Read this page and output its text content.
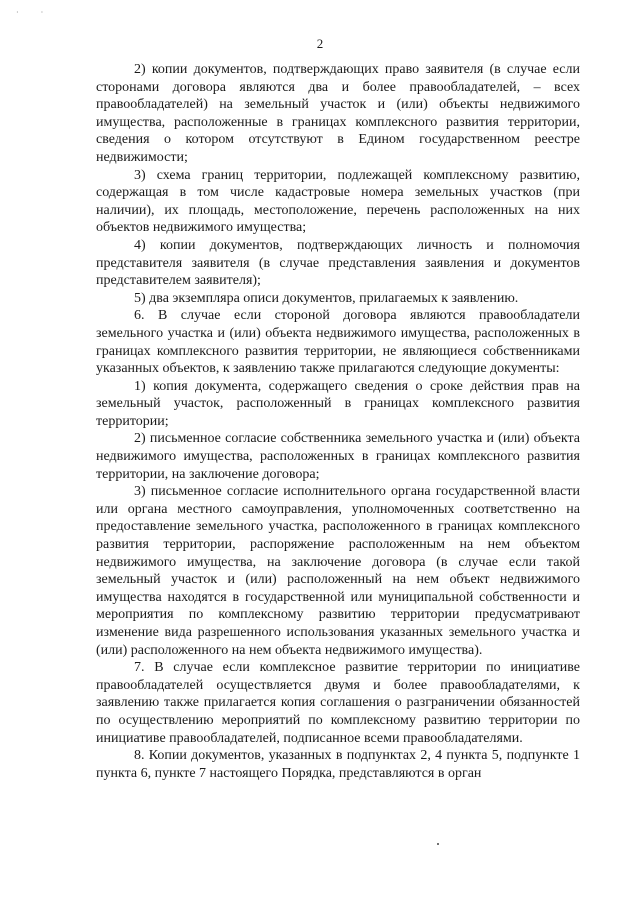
· ·
2

2) копии документов, подтверждающих право заявителя (в случае если сторонами договора являются два и более правообладателей, – всех правообладателей) на земельный участок и (или) объекты недвижимого имущества, расположенные в границах комплексного развития территории, сведения о котором отсутствуют в Едином государственном реестре недвижимости;

3) схема границ территории, подлежащей комплексному развитию, содержащая в том числе кадастровые номера земельных участков (при наличии), их площадь, местоположение, перечень расположенных на них объектов недвижимого имущества;

4) копии документов, подтверждающих личность и полномочия представителя заявителя (в случае представления заявления и документов представителем заявителя);

5) два экземпляра описи документов, прилагаемых к заявлению.

6. В случае если стороной договора являются правообладатели земельного участка и (или) объекта недвижимого имущества, расположенных в границах комплексного развития территории, не являющиеся собственниками указанных объектов, к заявлению также прилагаются следующие документы:

1) копия документа, содержащего сведения о сроке действия прав на земельный участок, расположенный в границах комплексного развития территории;

2) письменное согласие собственника земельного участка и (или) объекта недвижимого имущества, расположенных в границах комплексного развития территории, на заключение договора;

3) письменное согласие исполнительного органа государственной власти или органа местного самоуправления, уполномоченных соответственно на предоставление земельного участка, расположенного в границах комплексного развития территории, распоряжение расположенным на нем объектом недвижимого имущества, на заключение договора (в случае если такой земельный участок и (или) расположенный на нем объект недвижимого имущества находятся в государственной или муниципальной собственности и мероприятия по комплексному развитию территории предусматривают изменение вида разрешенного использования указанных земельного участка и (или) расположенного на нем объекта недвижимого имущества).

7. В случае если комплексное развитие территории по инициативе правообладателей осуществляется двумя и более правообладателями, к заявлению также прилагается копия соглашения о разграничении обязанностей по осуществлению мероприятий по комплексному развитию территории по инициативе правообладателей, подписанное всеми правообладателями.

8. Копии документов, указанных в подпунктах 2, 4 пункта 5, подпункте 1 пункта 6, пункте 7 настоящего Порядка, представляются в орган
